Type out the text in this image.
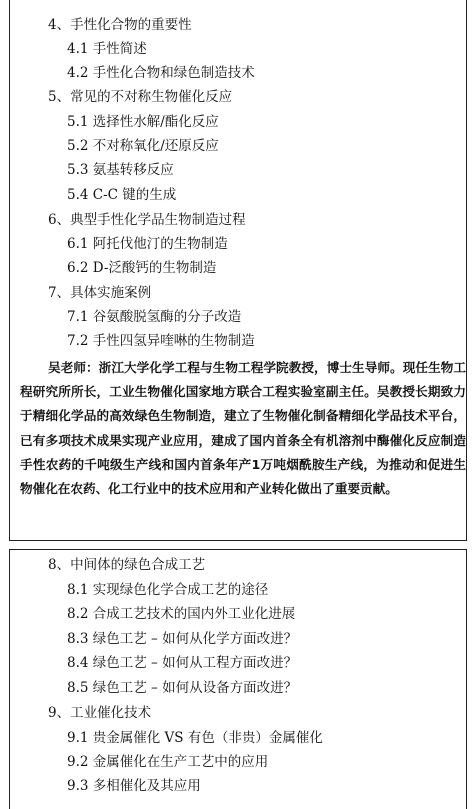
4、手性化合物的重要性
4.1 手性简述
4.2 手性化合物和绿色制造技术
5、常见的不对称生物催化反应
5.1 选择性水解/酯化反应
5.2 不对称氧化/还原反应
5.3 氨基转移反应
5.4 C-C 键的生成
6、典型手性化学品生物制造过程
6.1 阿托伐他汀的生物制造
6.2 D-泛酸钙的生物制造
7、具体实施案例
7.1 谷氨酸脱氢酶的分子改造
7.2 手性四氢异喹啉的生物制造
吴老师：浙江大学化学工程与生物工程学院教授，博士生导师。现任生物工程研究所所长，工业生物催化国家地方联合工程实验室副主任。吴教授长期致力于精细化学品的高效绿色生物制造，建立了生物催化制备精细化学品技术平台，已有多项技术成果实现产业应用，建成了国内首条全有机溶剂中酶催化反应制造手性农药的千吨级生产线和国内首条年产1万吨烟酰胺生产线，为推动和促进生物催化在农药、化工行业中的技术应用和产业转化做出了重要贡献。
8、中间体的绿色合成工艺
8.1 实现绿色化学合成工艺的途径
8.2 合成工艺技术的国内外工业化进展
8.3 绿色工艺 – 如何从化学方面改进？
8.4 绿色工艺 – 如何从工程方面改进？
8.5 绿色工艺 – 如何从设备方面改进？
9、工业催化技术
9.1 贵金属催化 VS 有色（非贵）金属催化
9.2 金属催化在生产工艺中的应用
9.3 多相催化及其应用
